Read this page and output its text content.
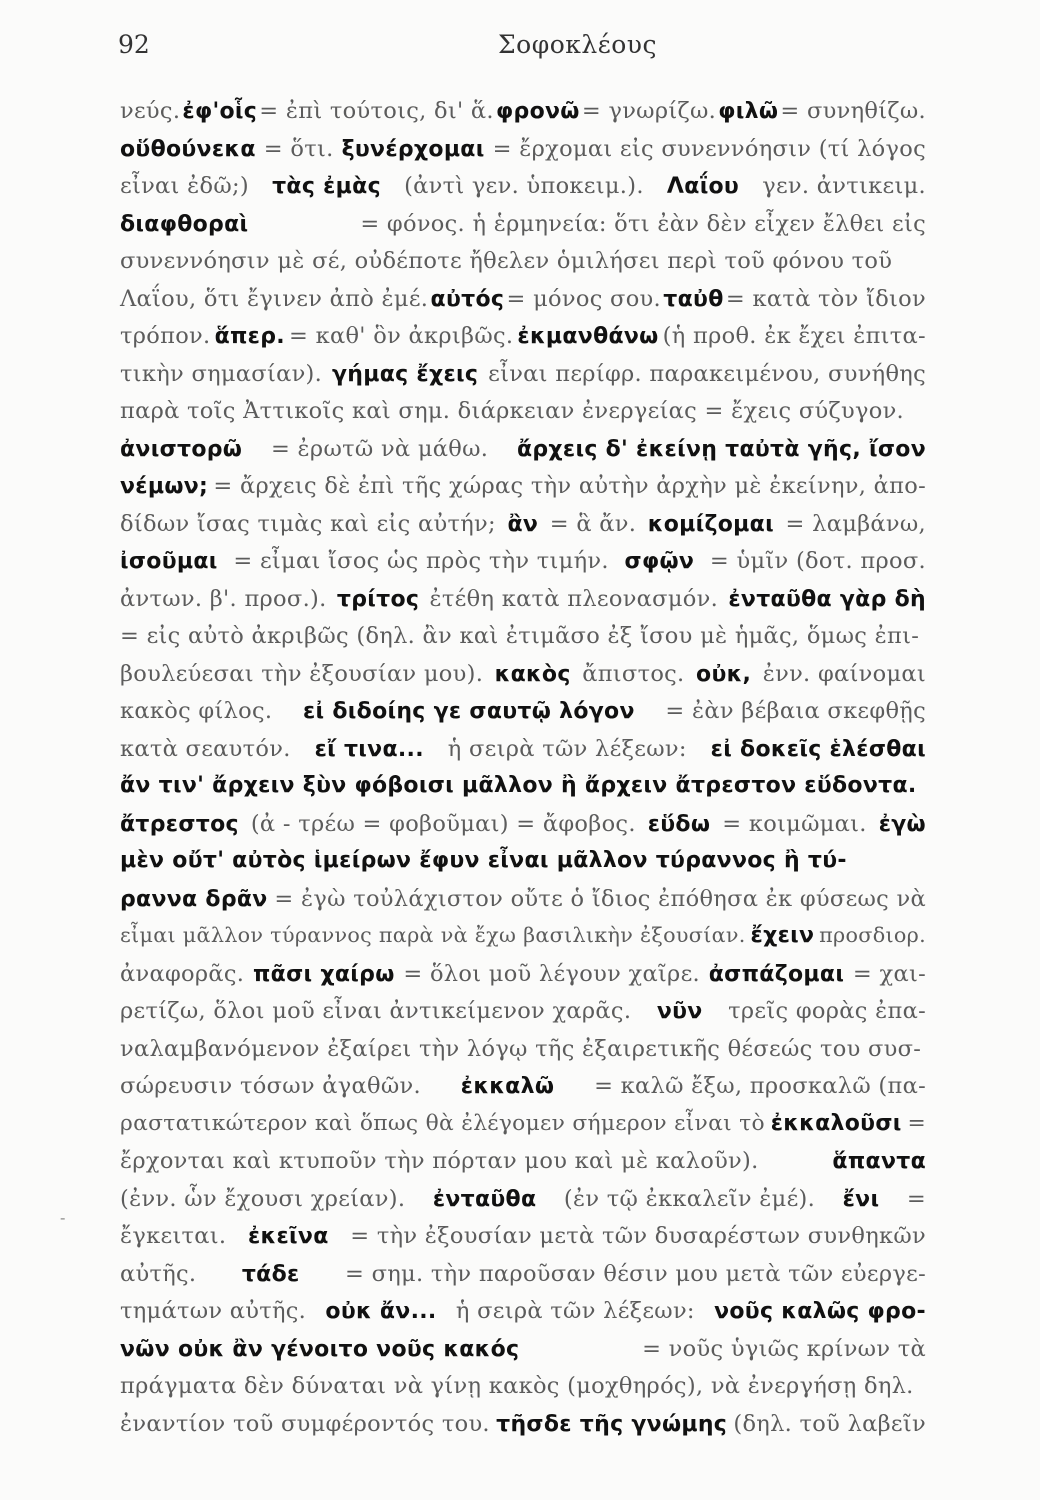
92	Σοφοκλέους
‐
νεύς. ἐφ'οἷς = ἐπὶ τούτοις, δι' ἅ. φρονῶ = γνωρίζω. φιλῶ = συνηθίζω.
οὕθούνεκα = ὅτι. ξυνέρχομαι = ἔρχομαι εἰς συνεννόησιν (τί λόγος
εἶναι ἐδῶ;) τὰς ἐμὰς (ἀντὶ γεν. ὑποκειμ.). Λαΐου γεν. ἀντικειμ.
διαφθοραὶ	= φόνος. ἡ ἑρμηνεία: ὅτι ἐὰν δὲν εἶχεν ἔλθει εἰς
συνεννόησιν μὲ σέ, οὐδέποτε ἤθελεν ὁμιλήσει περὶ τοῦ φόνου τοῦ
Λαΐου, ὅτι ἔγινεν ἀπὸ ἐμέ. αὐτός = μόνος σου. ταὐθ = κατὰ τὸν ἴδιον
τρόπον. ἅπερ. = καθ' ὃν ἀκριβῶς. ἐκμανθάνω (ἡ προθ. ἐκ ἔχει ἐπιτα-
τικὴν σημασίαν). γήμας ἔχεις εἶναι περίφρ. παρακειμένου, συνήθης
παρὰ τοῖς Ἀττικοῖς καὶ σημ. διάρκειαν ἐνεργείας = ἔχεις σύζυγον.
ἀνιστορῶ = ἐρωτῶ νὰ μάθω. ἄρχεις δ' ἐκείνῃ ταὐτὰ γῆς, ἴσον
νέμων; = ἄρχεις δὲ ἐπὶ τῆς χώρας τὴν αὐτὴν ἀρχὴν μὲ ἐκείνην, ἀπο-
δίδων ἴσας τιμὰς καὶ εἰς αὐτήν; ἂν = ἃ ἄν. κομίζομαι = λαμβάνω,
ἰσοῦμαι = εἶμαι ἴσος ὡς πρὸς τὴν τιμήν. σφῷν = ὑμῖν (δοτ. προσ.
ἀντων. β'. προσ.). τρίτος ἐτέθη κατὰ πλεονασμόν. ἐνταῦθα γὰρ δὴ
= εἰς αὐτὸ ἀκριβῶς (δηλ. ἂν καὶ ἐτιμᾶσο ἐξ ἴσου μὲ ἡμᾶς, ὅμως ἐπι-
βουλεύεσαι τὴν ἐξουσίαν μου). κακὸς ἄπιστος. οὐκ, ἐνν. φαίνομαι
κακὸς φίλος. εἰ διδοίης γε σαυτῷ λόγον = ἐὰν βέβαια σκεφθῇς
κατὰ σεαυτόν. εἴ τινα... ἡ σειρὰ τῶν λέξεων: εἰ δοκεῖς ἑλέσθαι
ἄν τιν' ἄρχειν ξὺν φόβοισι μᾶλλον ἢ ἄρχειν ἄτρεστον εὕδοντα.
ἄτρεστος (ἀ - τρέω = φοβοῦμαι) = ἄφοβος. εὕδω = κοιμῶμαι. ἐγὼ
μὲν οὔτ' αὐτὸς ἱμείρων ἔφυν εἶναι μᾶλλον τύραννος ἢ τύ-
ραννα δρᾶν = ἐγὼ τοὐλάχιστον οὔτε ὁ ἴδιος ἐπόθησα ἐκ φύσεως νὰ
εἶμαι μᾶλλον τύραννος παρὰ νὰ ἔχω βασιλικὴν ἐξουσίαν. ἔχειν προσδιορ.
ἀναφορᾶς. πᾶσι χαίρω = ὅλοι μοῦ λέγουν χαῖρε. ἀσπάζομαι = χαι-
ρετίζω, ὅλοι μοῦ εἶναι ἀντικείμενον χαρᾶς. νῦν τρεῖς φορὰς ἐπα-
ναλαμβανόμενον ἐξαίρει τὴν λόγῳ τῆς ἐξαιρετικῆς θέσεώς του συσ-
σώρευσιν τόσων ἀγαθῶν. ἐκκαλῶ = καλῶ ἔξω, προσκαλῶ (πα-
ραστατικώτερον καὶ ὅπως θὰ ἐλέγομεν σήμερον εἶναι τὸ ἐκκαλοῦσι =
ἔρχονται καὶ κτυποῦν τὴν πόρταν μου καὶ μὲ καλοῦν).	ἅπαντα
(ἐνν. ὧν ἔχουσι χρείαν). ἐνταῦθα (ἐν τῷ ἐκκαλεῖν ἐμέ). ἔνι =
ἔγκειται. ἐκεῖνα = τὴν ἐξουσίαν μετὰ τῶν δυσαρέστων συνθηκῶν
αὐτῆς. τάδε = σημ. τὴν παροῦσαν θέσιν μου μετὰ τῶν εὐεργε-
τημάτων αὐτῆς. οὐκ ἄν... ἡ σειρὰ τῶν λέξεων: νοῦς καλῶς φρο-
νῶν οὐκ ἂν γένοιτο νοῦς κακός	= νοῦς ὑγιῶς κρίνων τὰ
πράγματα δὲν δύναται νὰ γίνῃ κακὸς (μοχθηρός), νὰ ἐνεργήσῃ δηλ.
ἐναντίον τοῦ συμφέροντός του. τῆσδε τῆς γνώμης (δηλ. τοῦ λαβεῖν
